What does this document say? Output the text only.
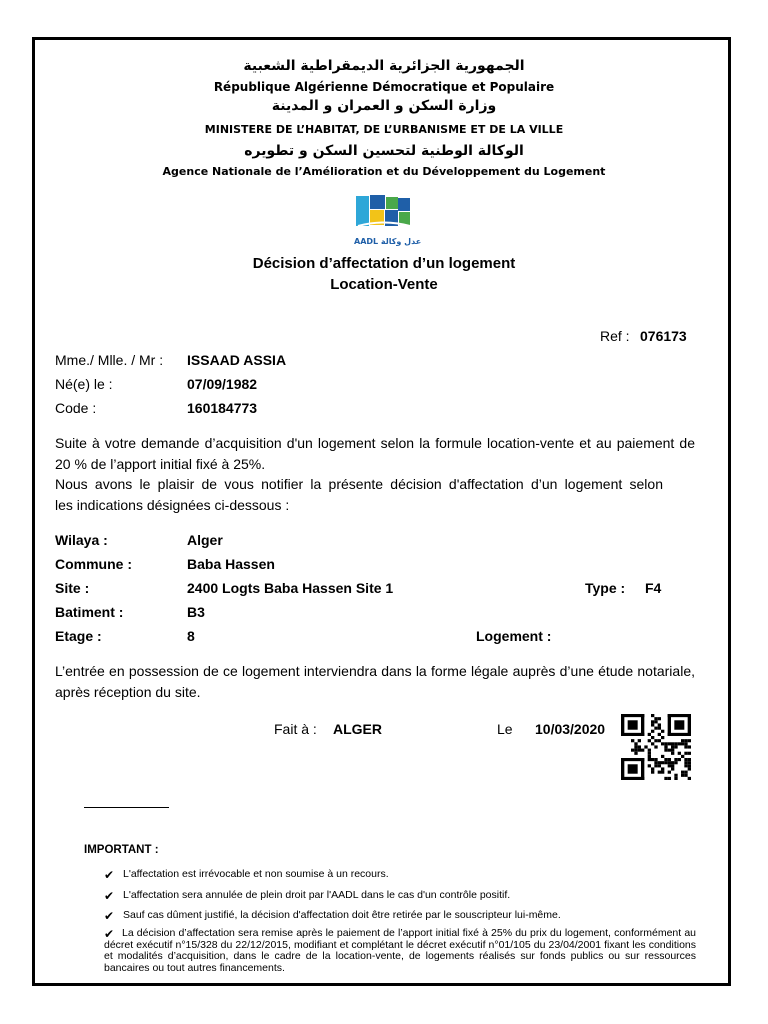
الجمهورية الجزائرية الديمقراطية الشعبية
République Algérienne Démocratique et Populaire
وزارة السكن و العمران و المدينة
MINISTERE DE L’HABITAT, DE L’URBANISME ET DE LA VILLE
الوكالة الوطنية لتحسين السكن و تطويره
Agence Nationale de l’Amélioration et du Développement du Logement
AADL عدل وكالة
Décision d’affectation d’un logement
Location-Vente
Ref : 076173
Mme./ Mlle. / Mr : ISSAAD ASSIA
Né(e) le :	07/09/1982
Code :	160184773
Suite à votre demande d’acquisition d'un logement selon la formule location-vente et au paiement de 20 % de l’apport initial fixé à 25%.
Nous avons le plaisir de vous notifier la présente décision d'affectation d’un logement selon
les indications désignées ci-dessous :
Wilaya :	Alger
Commune :	Baba Hassen
Site :	2400 Logts Baba Hassen Site 1	Type : F4
Batiment :	B3
Etage :	8	Logement :
L’entrée en possession de ce logement interviendra dans la forme légale auprès d’une étude notariale, après réception du site.
Fait à : ALGER	Le 10/03/2020
IMPORTANT :
✔ L'affectation est irrévocable et non soumise à un recours.
✔ L'affectation sera annulée de plein droit par l'AADL dans le cas d'un contrôle positif.
✔ Sauf cas dûment justifié, la décision d'affectation doit être retirée par le souscripteur lui-même.
✔ La décision d’affectation sera remise après le paiement de l’apport initial fixé à 25% du prix du logement, conformément au décret exécutif n°15/328 du 22/12/2015, modifiant et complétant le décret exécutif n°01/105 du 23/04/2001 fixant les conditions et modalités d’acquisition, dans le cadre de la location-vente, de logements réalisés sur fonds publics ou sur ressources bancaires ou tout autres financements.
